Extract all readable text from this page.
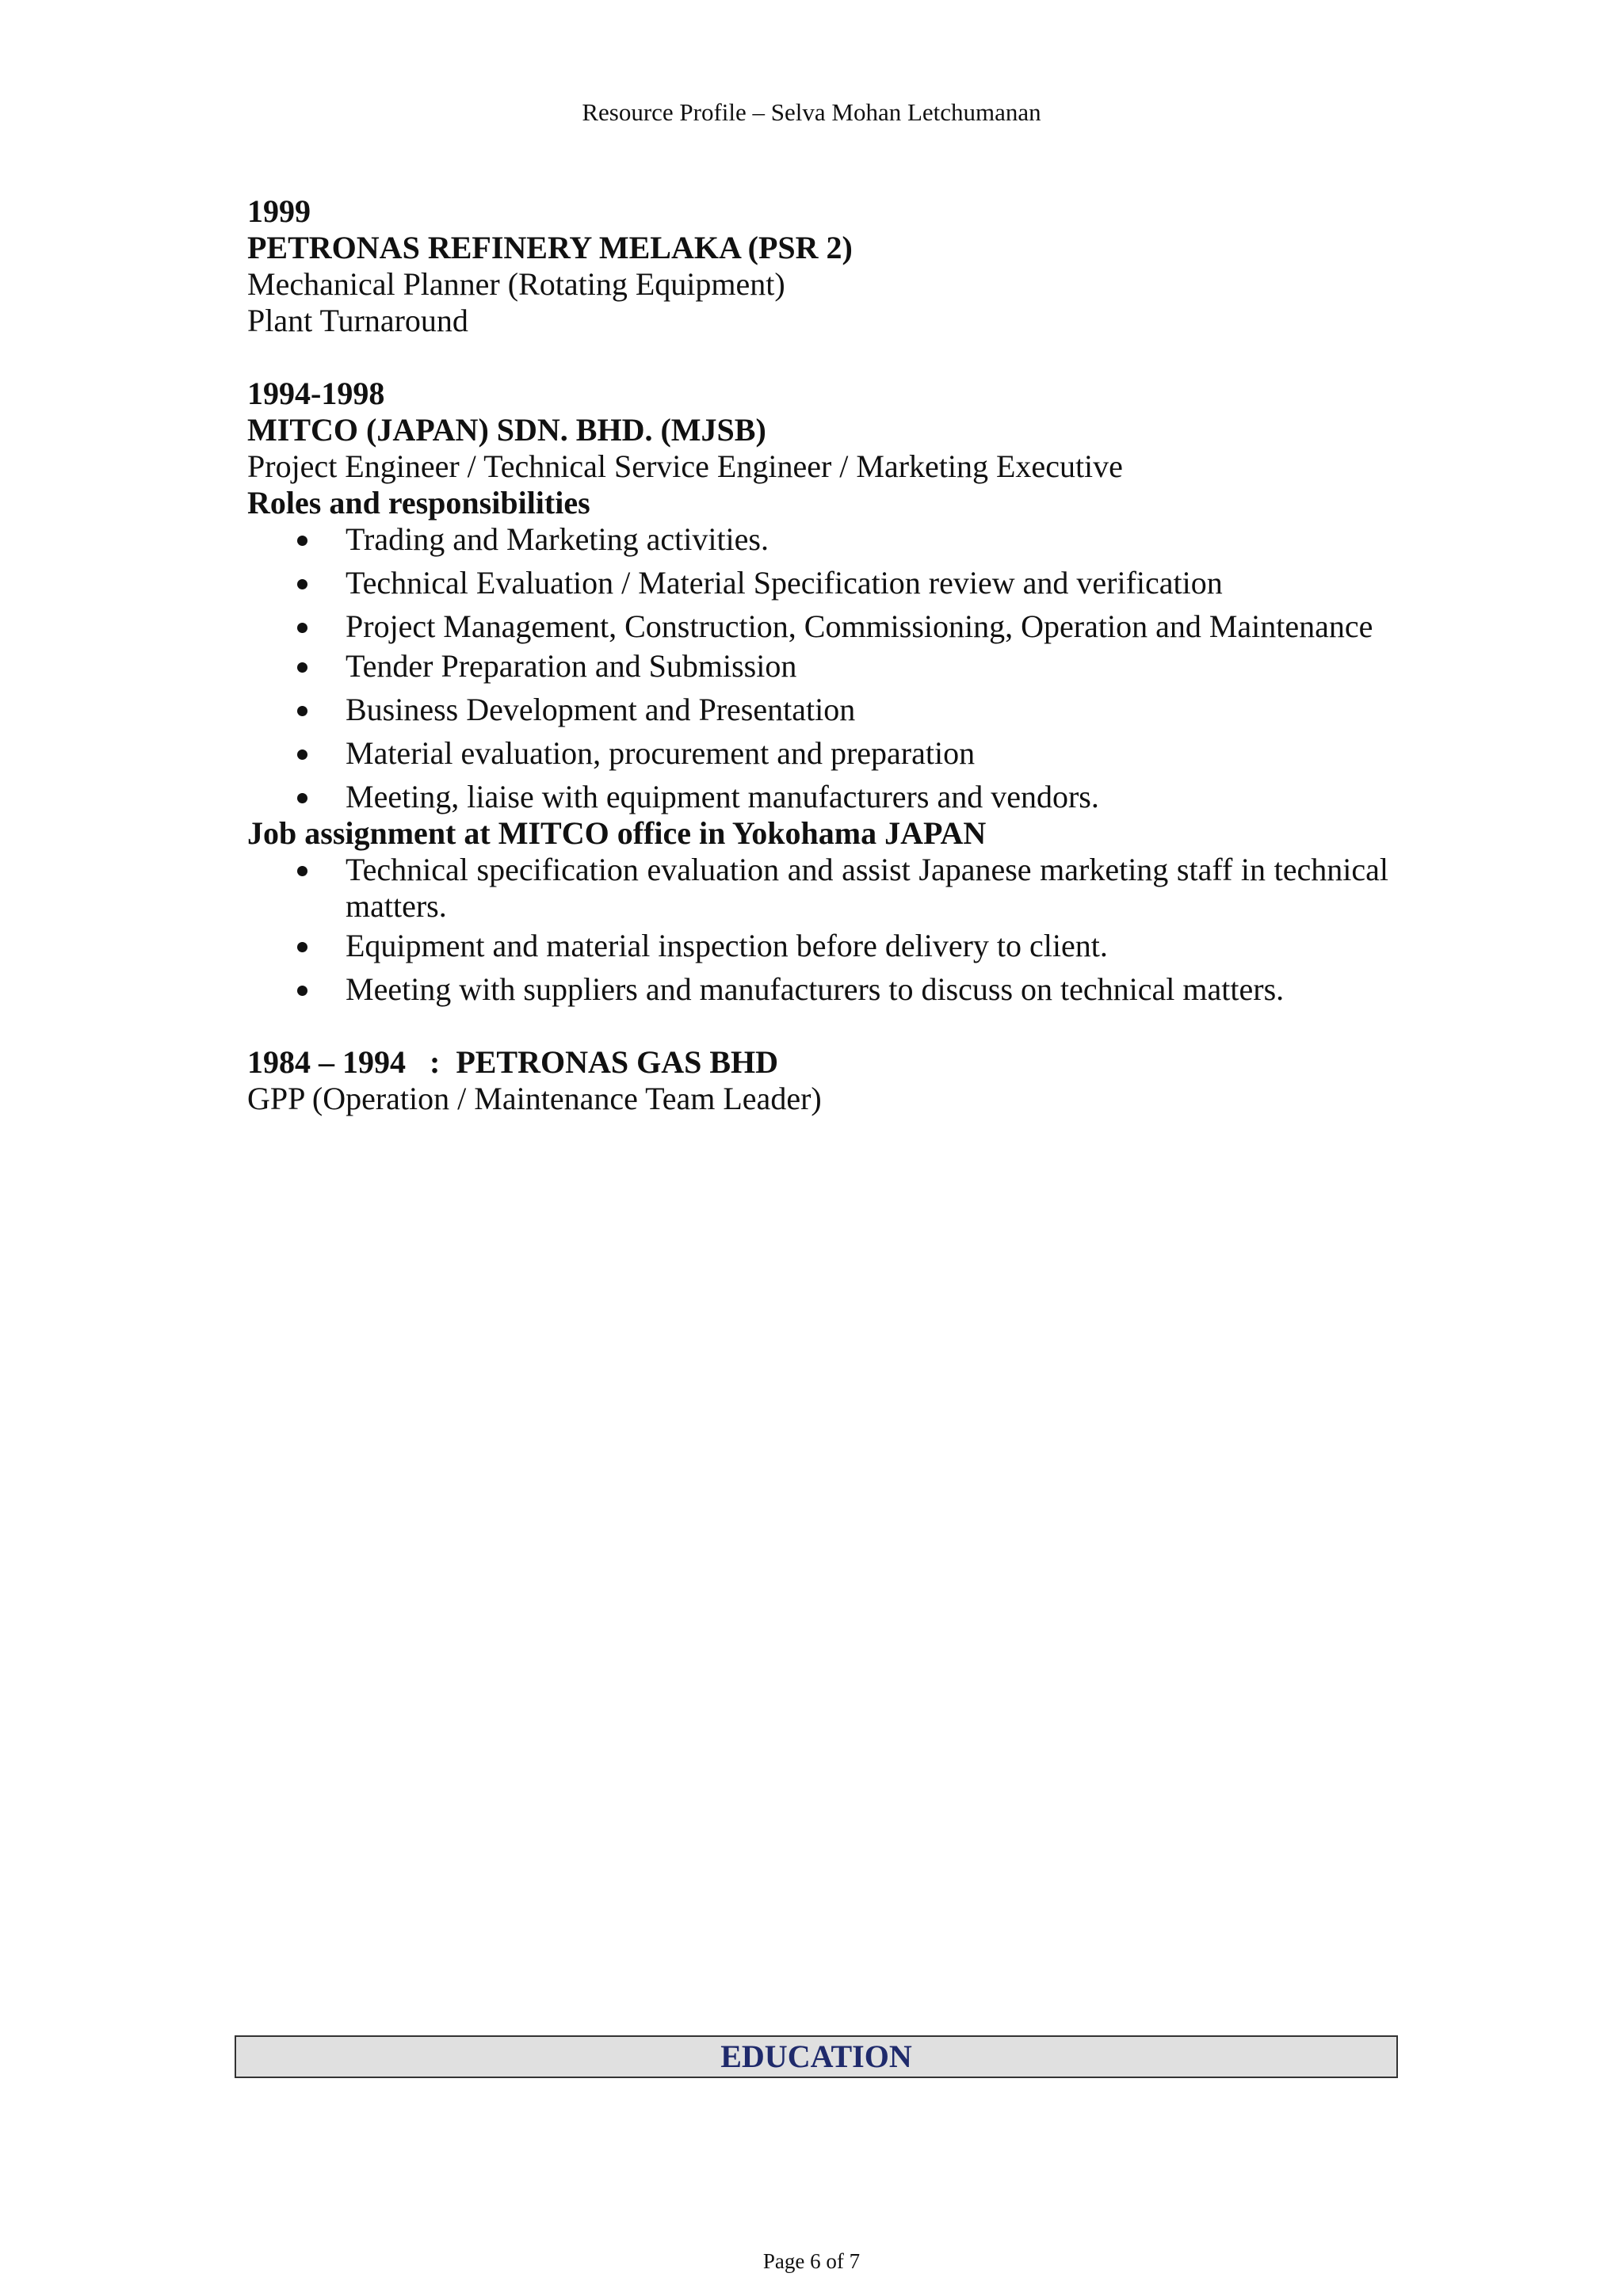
Resource Profile – Selva Mohan Letchumanan
1999
PETRONAS REFINERY MELAKA (PSR 2)
Mechanical Planner (Rotating Equipment)
Plant Turnaround
1994-1998
MITCO (JAPAN) SDN. BHD. (MJSB)
Project Engineer / Technical Service Engineer / Marketing Executive
Roles and responsibilities
Trading and Marketing activities.
Technical Evaluation / Material Specification review and verification
Project Management, Construction, Commissioning, Operation and Maintenance
Tender Preparation and Submission
Business Development and Presentation
Material evaluation, procurement and preparation
Meeting, liaise with equipment manufacturers and vendors.
Job assignment at MITCO office in Yokohama JAPAN
Technical specification evaluation and assist Japanese marketing staff in technical matters.
Equipment and material inspection before delivery to client.
Meeting with suppliers and manufacturers to discuss on technical matters.
1984 – 1994   :  PETRONAS GAS BHD
GPP (Operation / Maintenance Team Leader)
EDUCATION
Page 6 of 7
